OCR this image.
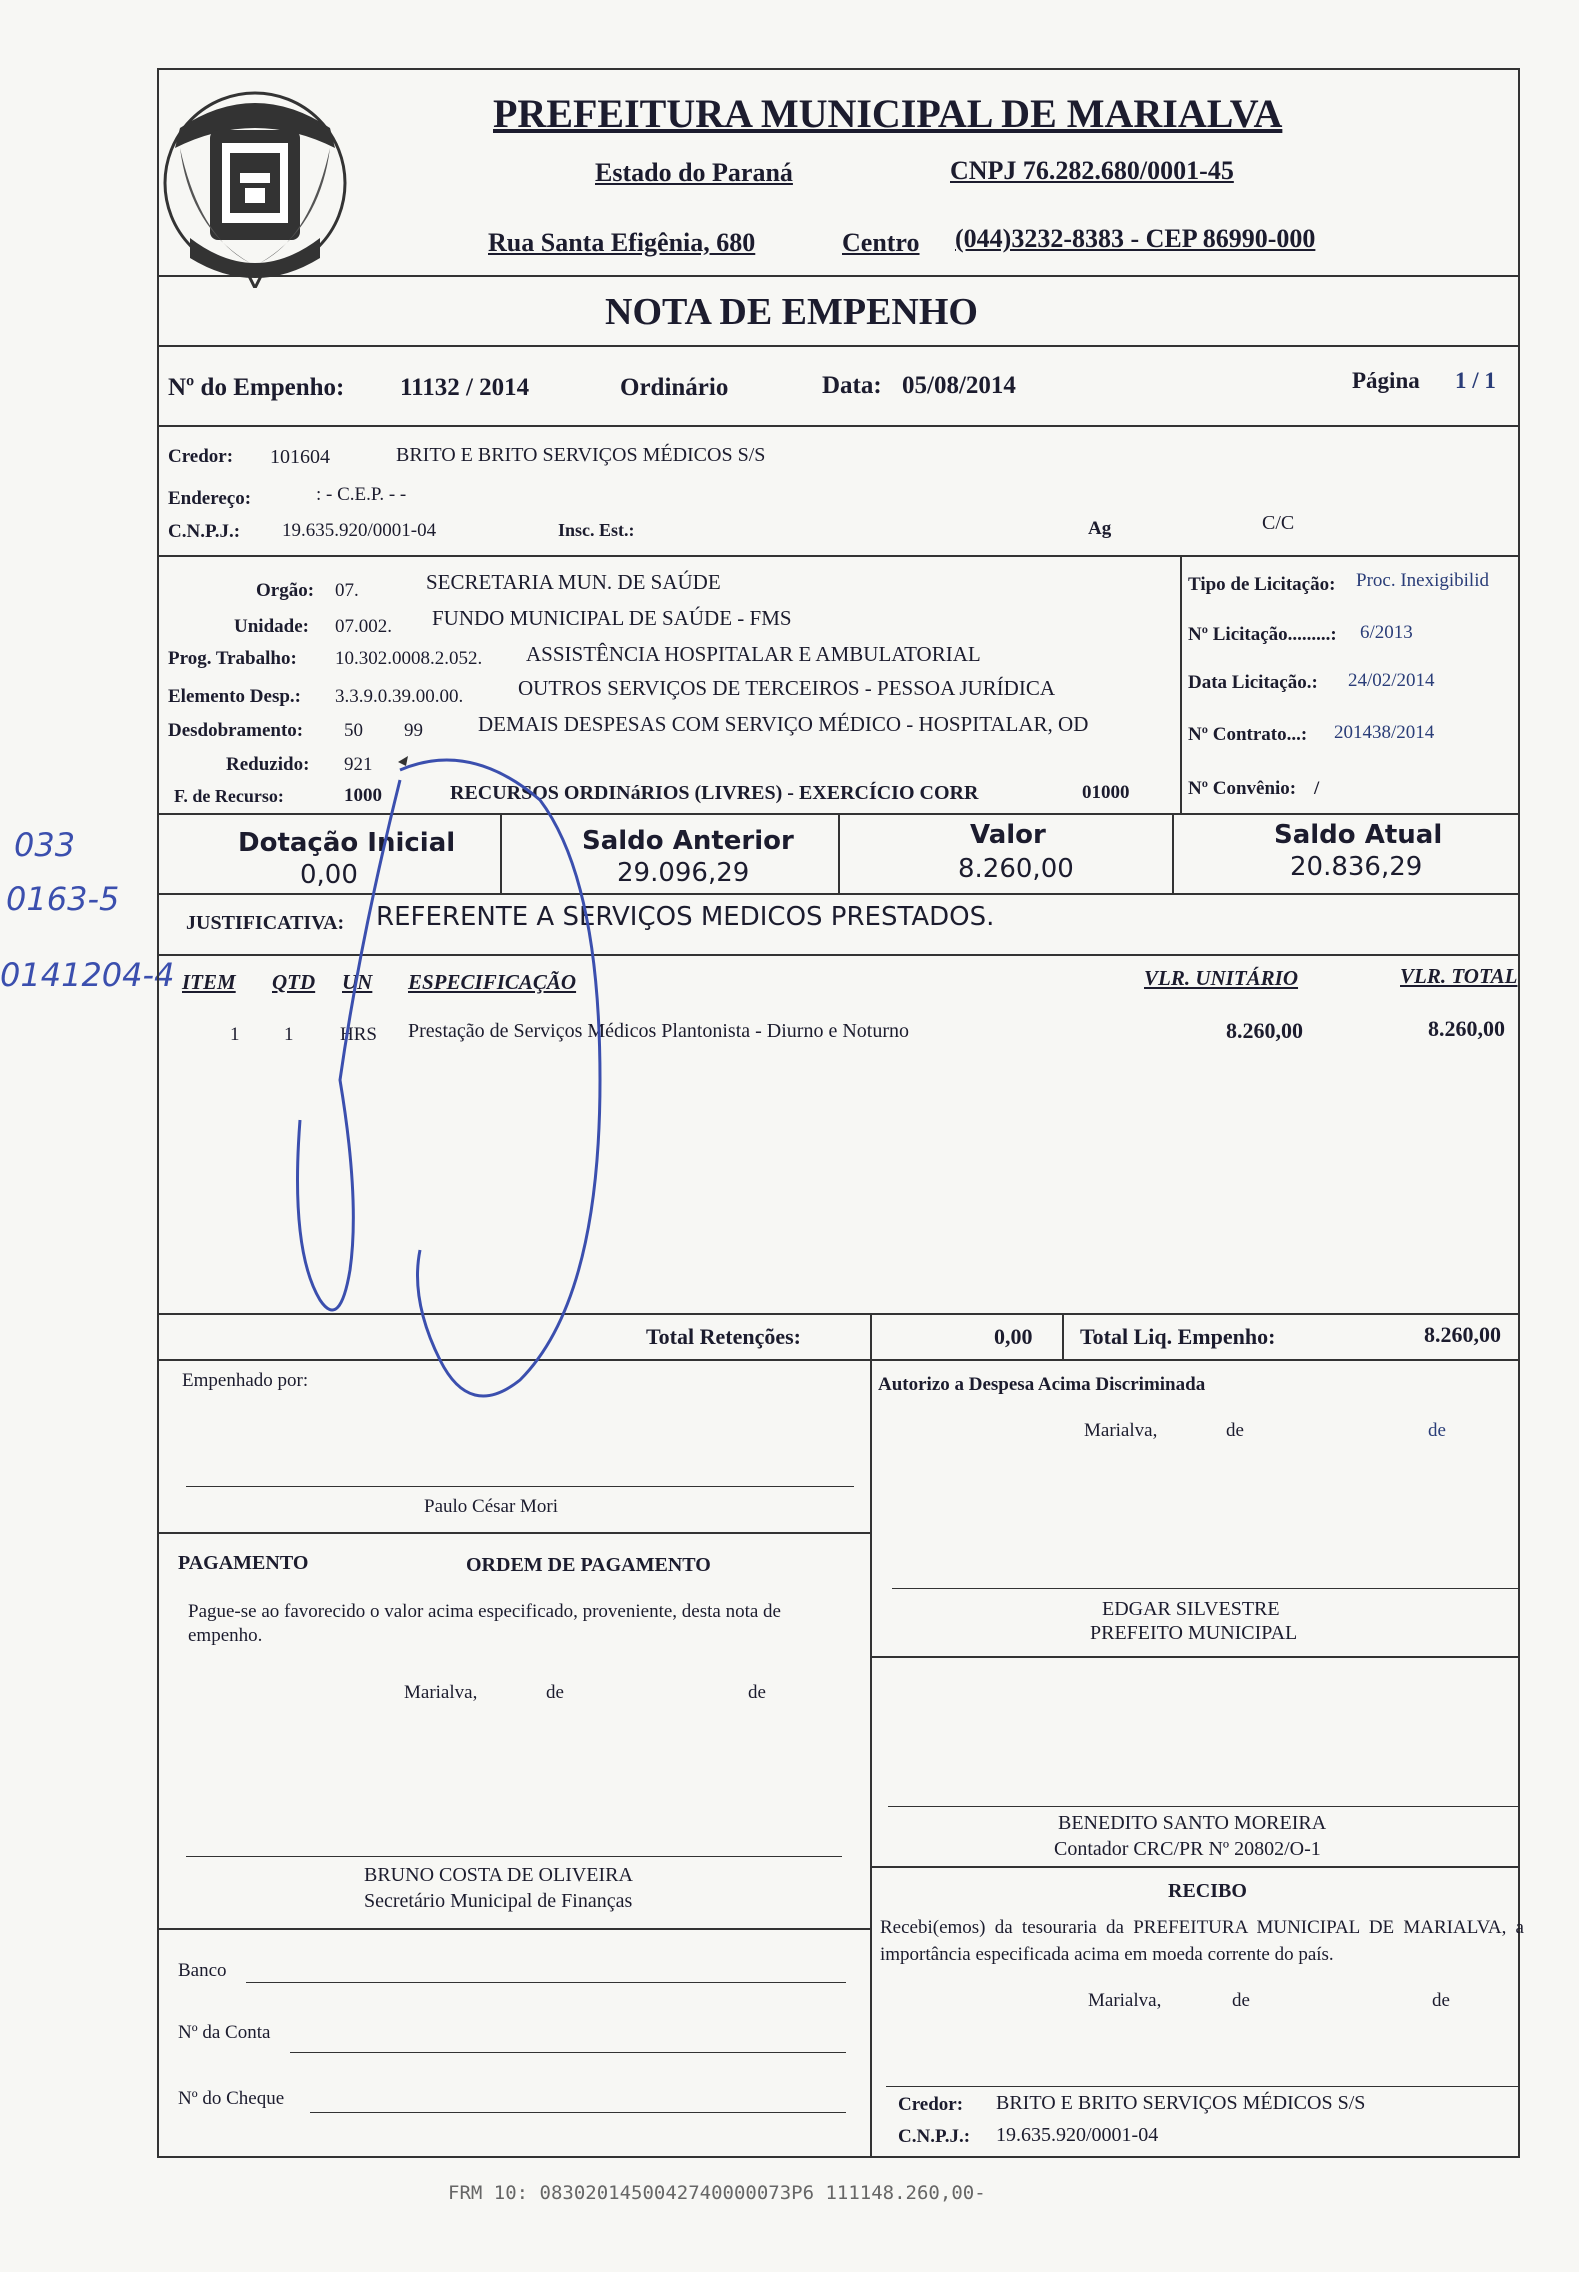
033
0163-5
0141204-4
PREFEITURA MUNICIPAL DE MARIALVA
Estado do Paraná	CNPJ 76.282.680/0001-45
Rua Santa Efigênia, 680	Centro (044)3232-8383 - CEP 86990-000
NOTA DE EMPENHO
Nº do Empenho: 11132 / 2014	Ordinário	Data: 05/08/2014	Página 1 / 1
Credor: 101604	BRITO E BRITO SERVIÇOS MÉDICOS S/S
Endereço:	: - C.E.P. - -
C.N.P.J.: 19.635.920/0001-04	Insc. Est.:	Ag	C/C
Orgão: 07.	SECRETARIA MUN. DE SAÚDE
Unidade: 07.002. FUNDO MUNICIPAL DE SAÚDE - FMS
Prog. Trabalho: 10.302.0008.2.052. ASSISTÊNCIA HOSPITALAR E AMBULATORIAL
Elemento Desp.: 3.3.9.0.39.00.00.	OUTROS SERVIÇOS DE TERCEIROS - PESSOA JURÍDICA
Desdobramento: 50 99	DEMAIS DESPESAS COM SERVIÇO MÉDICO - HOSPITALAR, OD
Reduzido: 921
F. de Recurso:	1000	RECURSOS ORDINáRIOS (LIVRES) - EXERCÍCIO CORR	01000
Tipo de Licitação: Proc. Inexigibilid
Nº Licitação.........: 6/2013
Data Licitação.: 24/02/2014
Nº Contrato...: 201438/2014
Nº Convênio: /
Dotação Inicial
0,00
Saldo Anterior
29.096,29
Valor
8.260,00
Saldo Atual
20.836,29
JUSTIFICATIVA: REFERENTE A SERVIÇOS MEDICOS PRESTADOS.
ITEM QTD UN ESPECIFICAÇÃO	VLR. UNITÁRIO	VLR. TOTAL
1 1 HRS Prestação de Serviços Médicos Plantonista - Diurno e Noturno	8.260,00	8.260,00
Total Retenções:	0,00 Total Liq. Empenho:	8.260,00
Empenhado por:
Paulo César Mori
Autorizo a Despesa Acima Discriminada
Marialva,	de	de
EDGAR SILVESTRE
PREFEITO MUNICIPAL
PAGAMENTO	ORDEM DE PAGAMENTO
Pague-se ao favorecido o valor acima especificado, proveniente, desta nota de empenho.
Marialva,	de	de
BRUNO COSTA DE OLIVEIRA
Secretário Municipal de Finanças
Banco
Nº da Conta
Nº do Cheque
BENEDITO SANTO MOREIRA
Contador CRC/PR Nº 20802/O-1
RECIBO
Recebi(emos) da tesouraria da PREFEITURA MUNICIPAL DE MARIALVA, a importância especificada acima em moeda corrente do país.
Marialva,	de	de
Credor: BRITO E BRITO SERVIÇOS MÉDICOS S/S
C.N.P.J.: 19.635.920/0001-04
FRM 10: 0830201450042740000073P6 111148.260,00-
